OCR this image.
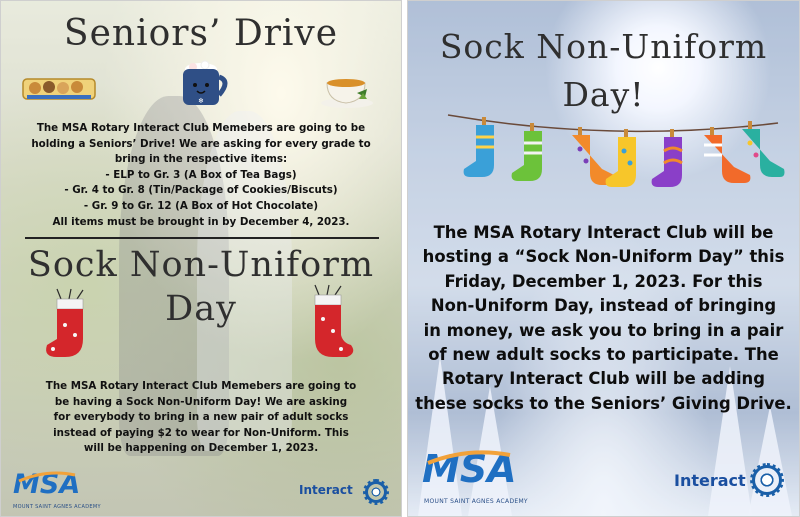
Seniors’ Drive
❄
The MSA Rotary Interact Club Memebers are going to be
holding a Seniors’ Drive! We are asking for every grade to
bring in the respective items:
- ELP to Gr. 3 (A Box of Tea Bags)
- Gr. 4 to Gr. 8 (Tin/Package of Cookies/Biscuts)
- Gr. 9 to Gr. 12 (A Box of Hot Chocolate)
All items must be brought in by December 4, 2023.
Sock Non-Uniform
Day
The MSA Rotary Interact Club Memebers are going to
be having a Sock Non-Uniform Day! We are asking
for everybody to bring in a new pair of adult socks
instead of paying $2 to wear for Non-Uniform. This
will be happening on December 1, 2023.
MSA
MOUNT SAINT AGNES ACADEMY
Interact
Sock Non-Uniform
Day!
The MSA Rotary Interact Club will be
hosting a “Sock Non-Uniform Day” this
Friday, December 1, 2023. For this
Non-Uniform Day, instead of bringing
in money, we ask you to bring in a pair
of new adult socks to participate. The
Rotary Interact Club will be adding
these socks to the Seniors’ Giving Drive.
MSA
MOUNT SAINT AGNES ACADEMY
Interact
